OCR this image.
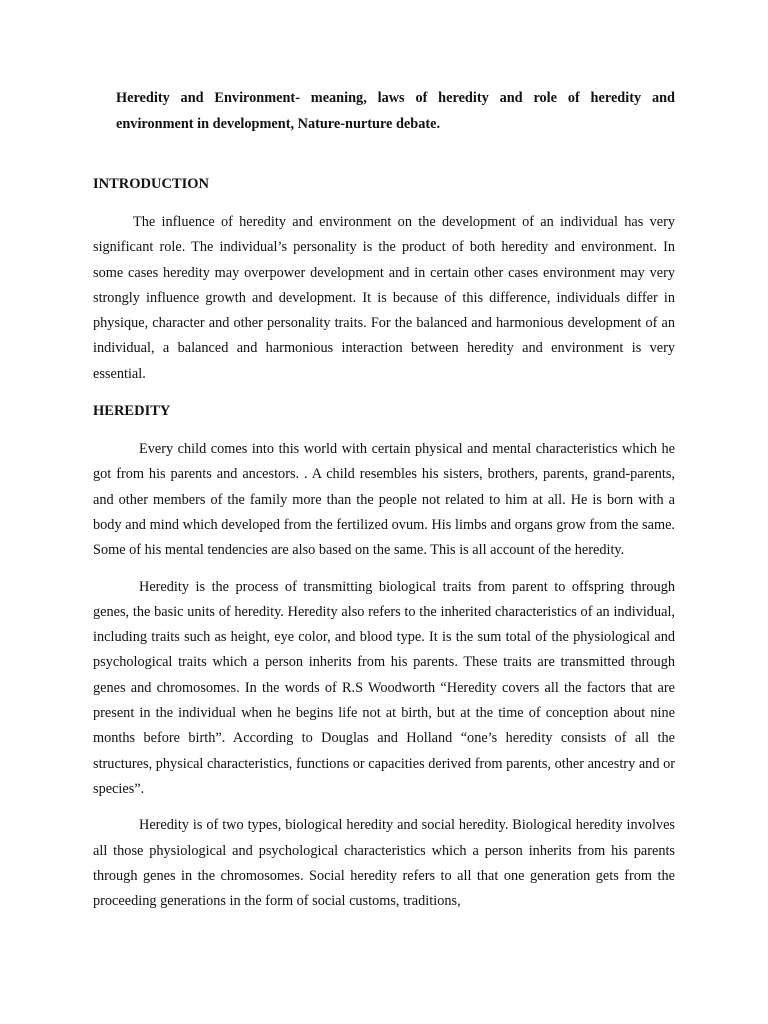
Heredity and Environment- meaning, laws of heredity and role of heredity and environment in development, Nature-nurture debate.

INTRODUCTION

The influence of heredity and environment on the development of an individual has very significant role. The individual’s personality is the product of both heredity and environment. In some cases heredity may overpower development and in certain other cases environment may very strongly influence growth and development. It is because of this difference, individuals differ in physique, character and other personality traits. For the balanced and harmonious development of an individual, a balanced and harmonious interaction between heredity and environment is very essential.

HEREDITY

Every child comes into this world with certain physical and mental characteristics which he got from his parents and ancestors. . A child resembles his sisters, brothers, parents, grand-parents, and other members of the family more than the people not related to him at all. He is born with a body and mind which developed from the fertilized ovum. His limbs and organs grow from the same. Some of his mental tendencies are also based on the same. This is all account of the heredity.

Heredity is the process of transmitting biological traits from parent to offspring through genes, the basic units of heredity. Heredity also refers to the inherited characteristics of an individual, including traits such as height, eye color, and blood type. It is the sum total of the physiological and psychological traits which a person inherits from his parents. These traits are transmitted through genes and chromosomes. In the words of R.S Woodworth “Heredity covers all the factors that are present in the individual when he begins life not at birth, but at the time of conception about nine months before birth”. According to Douglas and Holland “one’s heredity consists of all the structures, physical characteristics, functions or capacities derived from parents, other ancestry and or species”.

Heredity is of two types, biological heredity and social heredity. Biological heredity involves all those physiological and psychological characteristics which a person inherits from his parents through genes in the chromosomes. Social heredity refers to all that one generation gets from the proceeding generations in the form of social customs, traditions,
